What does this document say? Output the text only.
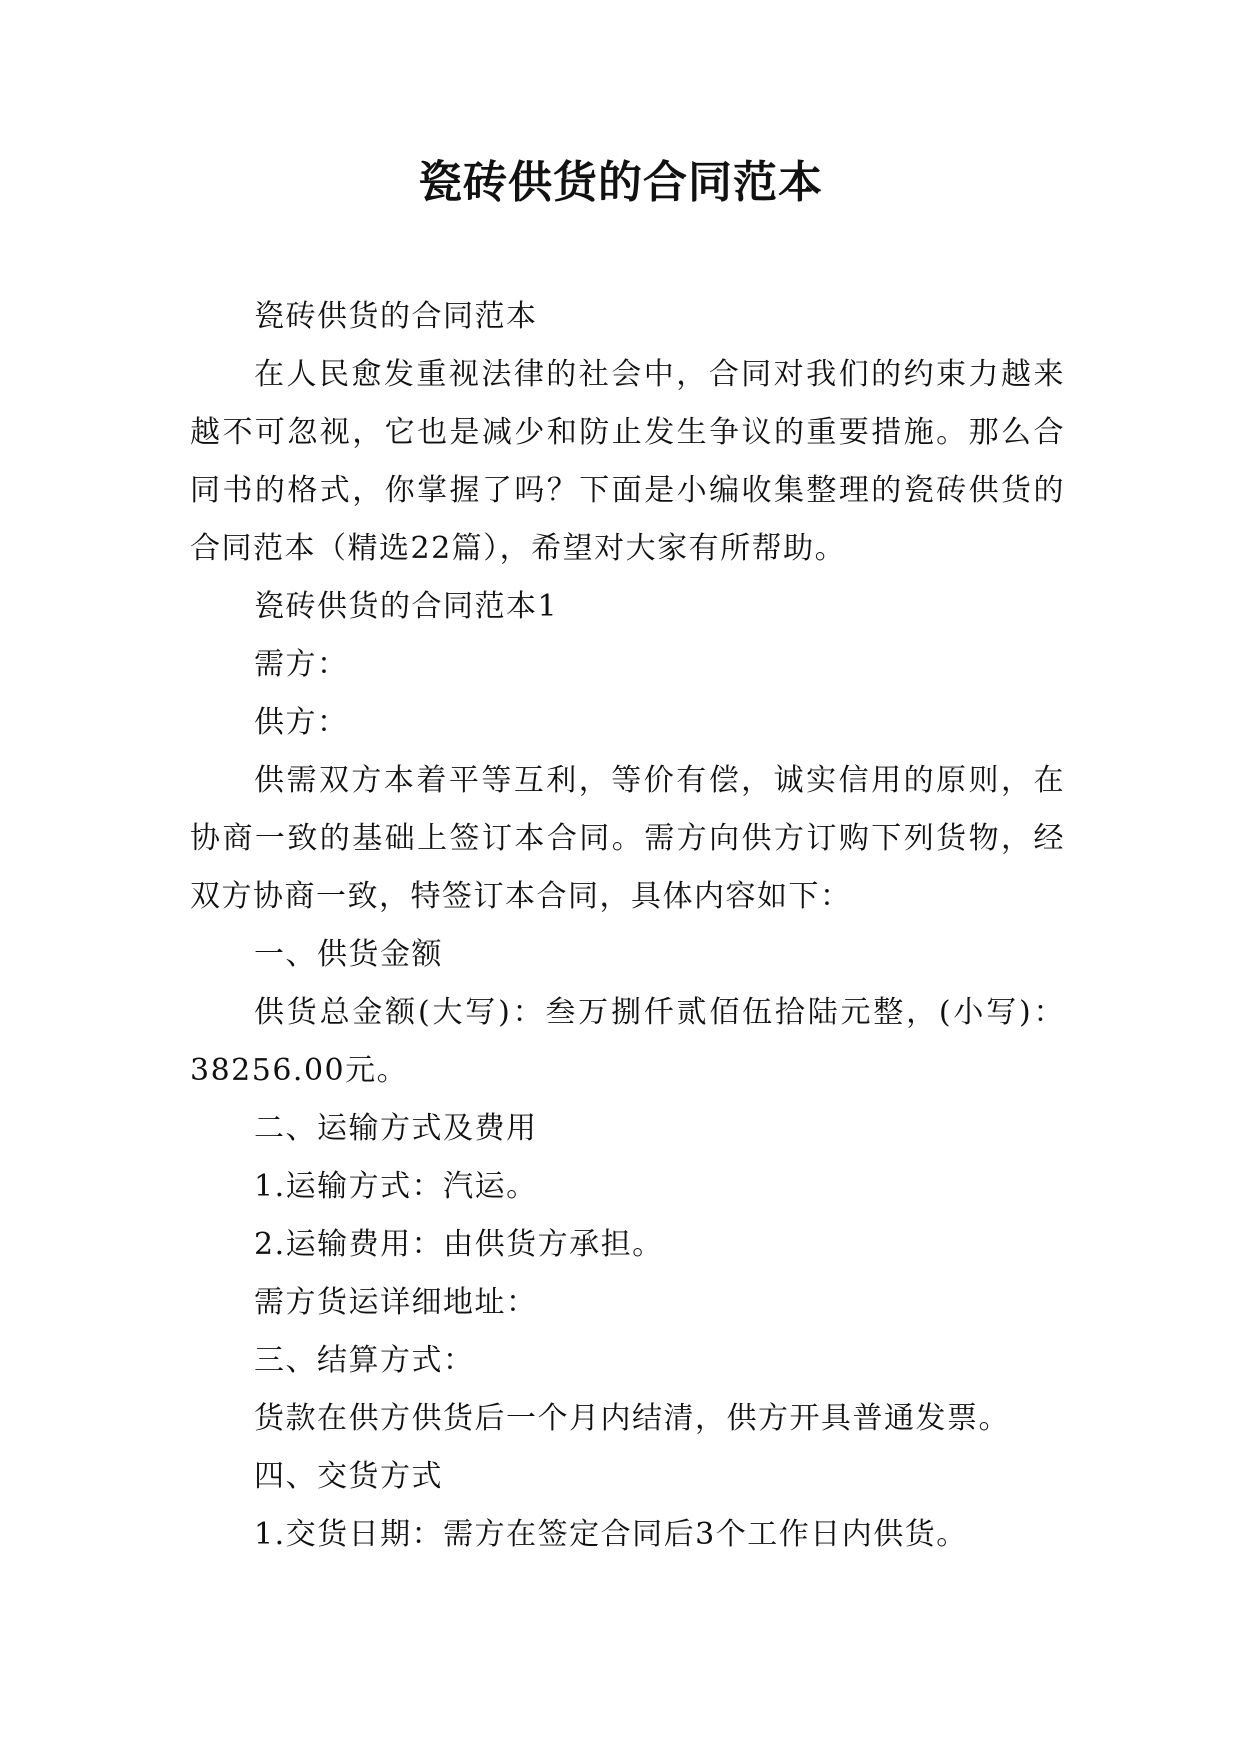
瓷砖供货的合同范本

瓷砖供货的合同范本

在人民愈发重视法律的社会中，合同对我们的约束力越来越不可忽视，它也是减少和防止发生争议的重要措施。那么合同书的格式，你掌握了吗？下面是小编收集整理的瓷砖供货的合同范本（精选22篇），希望对大家有所帮助。

瓷砖供货的合同范本1

需方：

供方：

供需双方本着平等互利，等价有偿，诚实信用的原则，在协商一致的基础上签订本合同。需方向供方订购下列货物，经双方协商一致，特签订本合同，具体内容如下：

一、供货金额

供货总金额(大写)：叁万捌仟贰佰伍拾陆元整，(小写)：38256.00元。

二、运输方式及费用

1.运输方式：汽运。

2.运输费用：由供货方承担。

需方货运详细地址：

三、结算方式：

货款在供方供货后一个月内结清，供方开具普通发票。

四、交货方式

1.交货日期：需方在签定合同后3个工作日内供货。
